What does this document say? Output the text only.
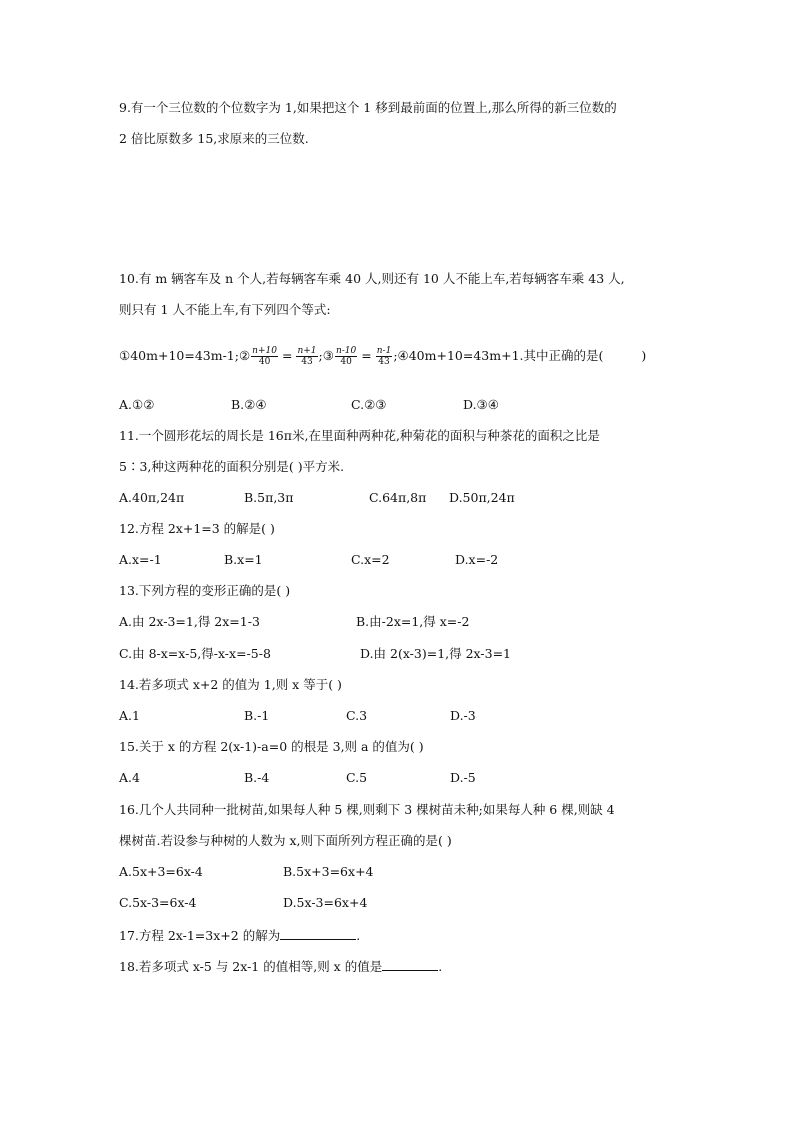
9.有一个三位数的个位数字为 1,如果把这个 1 移到最前面的位置上,那么所得的新三位数的
2 倍比原数多 15,求原来的三位数.
10.有 m 辆客车及 n 个人,若每辆客车乘 40 人,则还有 10 人不能上车,若每辆客车乘 43 人,
则只有 1 人不能上车,有下列四个等式:
①40m+10=43m-1;② $\frac{n+10}{40} = \frac{n+1}{43}$ ;③ $\frac{n-10}{40} = \frac{n-1}{43}$ ;④40m+10=43m+1.其中正确的是(	)
A.①②	B.②④	C.②③	D.③④
11.一个圆形花坛的周长是 16π米,在里面种两种花,种菊花的面积与种茶花的面积之比是
5∶3,种这两种花的面积分别是( )平方米.
A.40π,24π	B.5π,3π	C.64π,8π D.50π,24π
12.方程 2x+1=3 的解是( )
A.x=-1	B.x=1	C.x=2	D.x=-2
13.下列方程的变形正确的是( )
A.由 2x-3=1,得 2x=1-3	B.由-2x=1,得 x=-2
C.由 8-x=x-5,得-x-x=-5-8	D.由 2(x-3)=1,得 2x-3=1
14.若多项式 x+2 的值为 1,则 x 等于( )
A.1	B.-1	C.3	D.-3
15.关于 x 的方程 2(x-1)-a=0 的根是 3,则 a 的值为( )
A.4	B.-4	C.5	D.-5
16.几个人共同种一批树苗,如果每人种 5 棵,则剩下 3 棵树苗未种;如果每人种 6 棵,则缺 4
棵树苗.若设参与种树的人数为 x,则下面所列方程正确的是( )
A.5x+3=6x-4	B.5x+3=6x+4
C.5x-3=6x-4	D.5x-3=6x+4
17.方程 2x-1=3x+2 的解为	.
18.若多项式 x-5 与 2x-1 的值相等,则 x 的值是	.
